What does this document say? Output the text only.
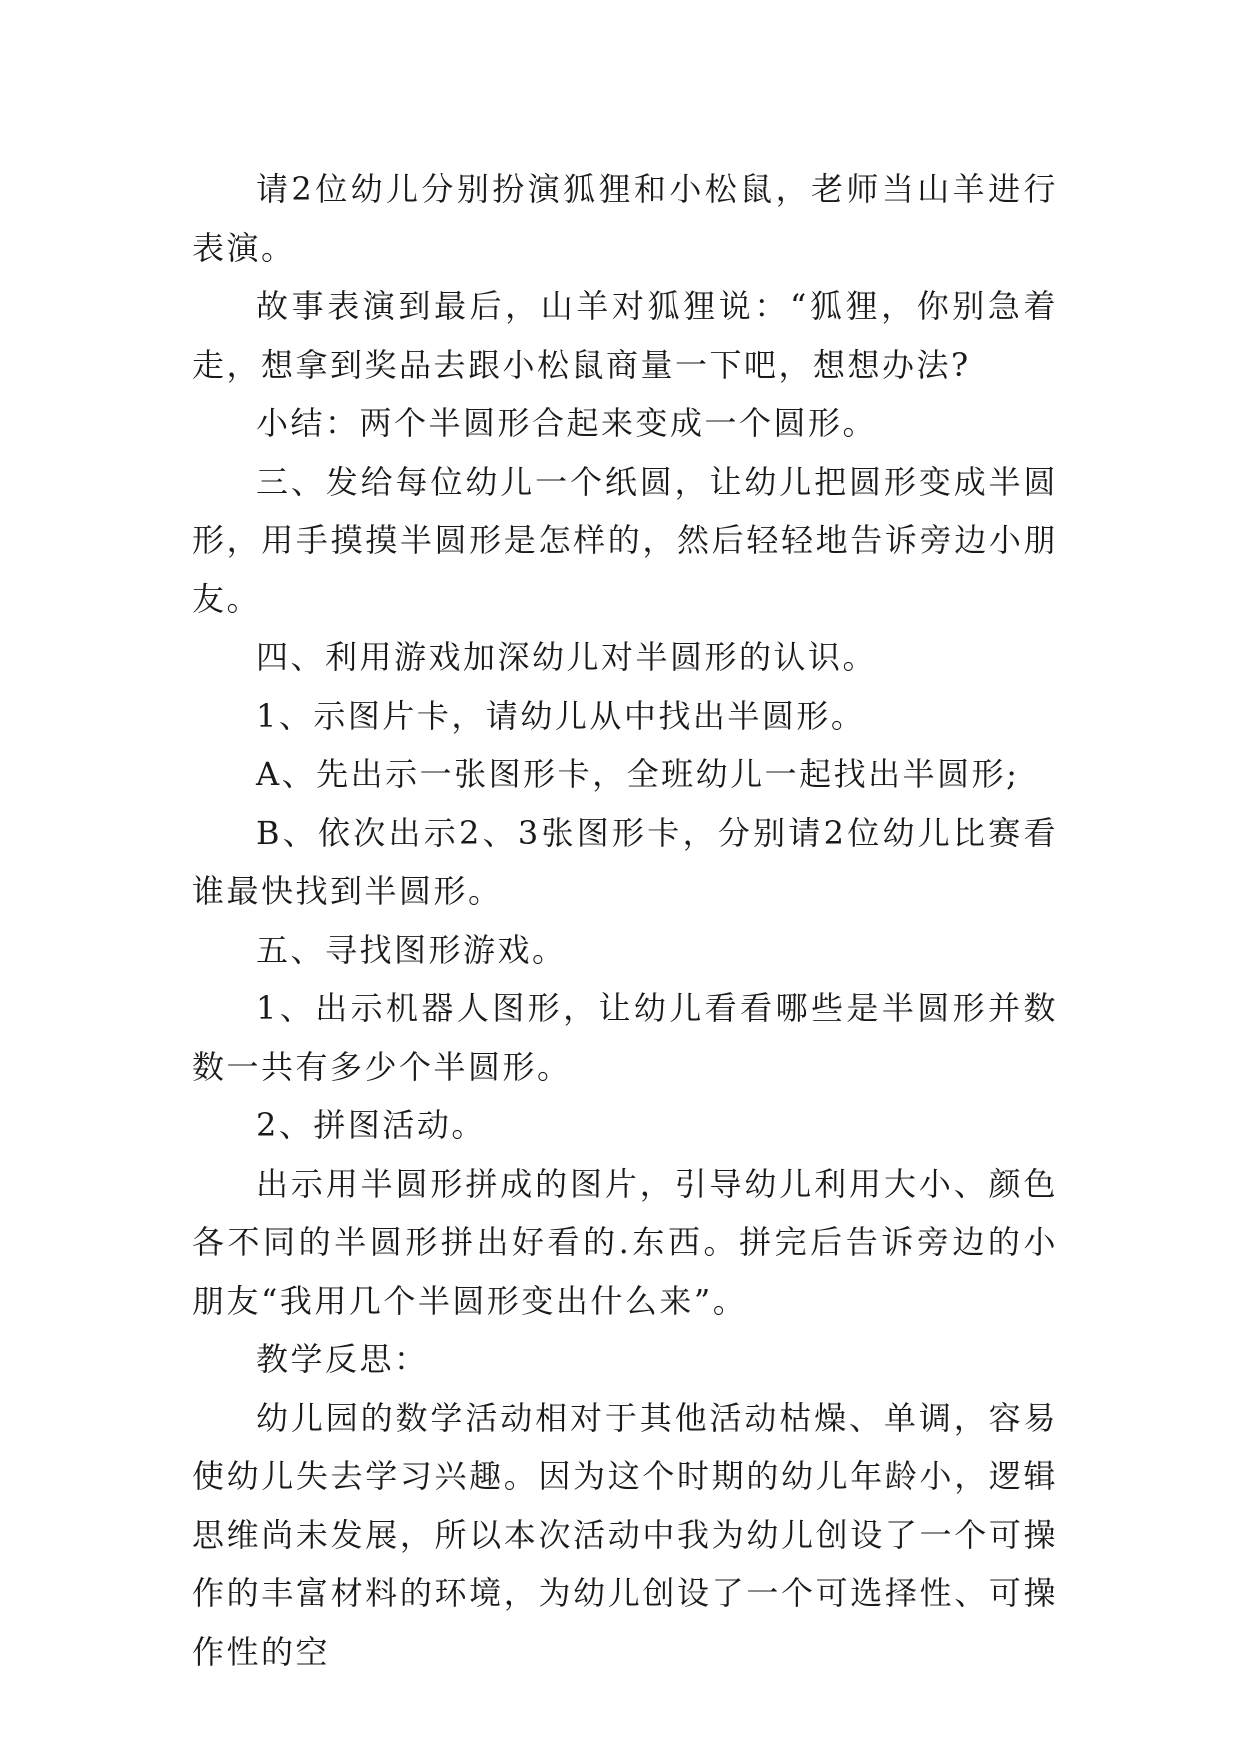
请2位幼儿分别扮演狐狸和小松鼠，老师当山羊进行表演。

故事表演到最后，山羊对狐狸说：“狐狸，你别急着走，想拿到奖品去跟小松鼠商量一下吧，想想办法?

小结：两个半圆形合起来变成一个圆形。

三、发给每位幼儿一个纸圆，让幼儿把圆形变成半圆形，用手摸摸半圆形是怎样的，然后轻轻地告诉旁边小朋友。

四、利用游戏加深幼儿对半圆形的认识。

1、示图片卡，请幼儿从中找出半圆形。

A、先出示一张图形卡，全班幼儿一起找出半圆形;

B、依次出示2、3张图形卡，分别请2位幼儿比赛看谁最快找到半圆形。

五、寻找图形游戏。

1、出示机器人图形，让幼儿看看哪些是半圆形并数数一共有多少个半圆形。

2、拼图活动。

出示用半圆形拼成的图片，引导幼儿利用大小、颜色各不同的半圆形拼出好看的.东西。拼完后告诉旁边的小朋友“我用几个半圆形变出什么来”。

教学反思：

幼儿园的数学活动相对于其他活动枯燥、单调，容易使幼儿失去学习兴趣。因为这个时期的幼儿年龄小，逻辑思维尚未发展，所以本次活动中我为幼儿创设了一个可操作的丰富材料的环境，为幼儿创设了一个可选择性、可操作性的空
